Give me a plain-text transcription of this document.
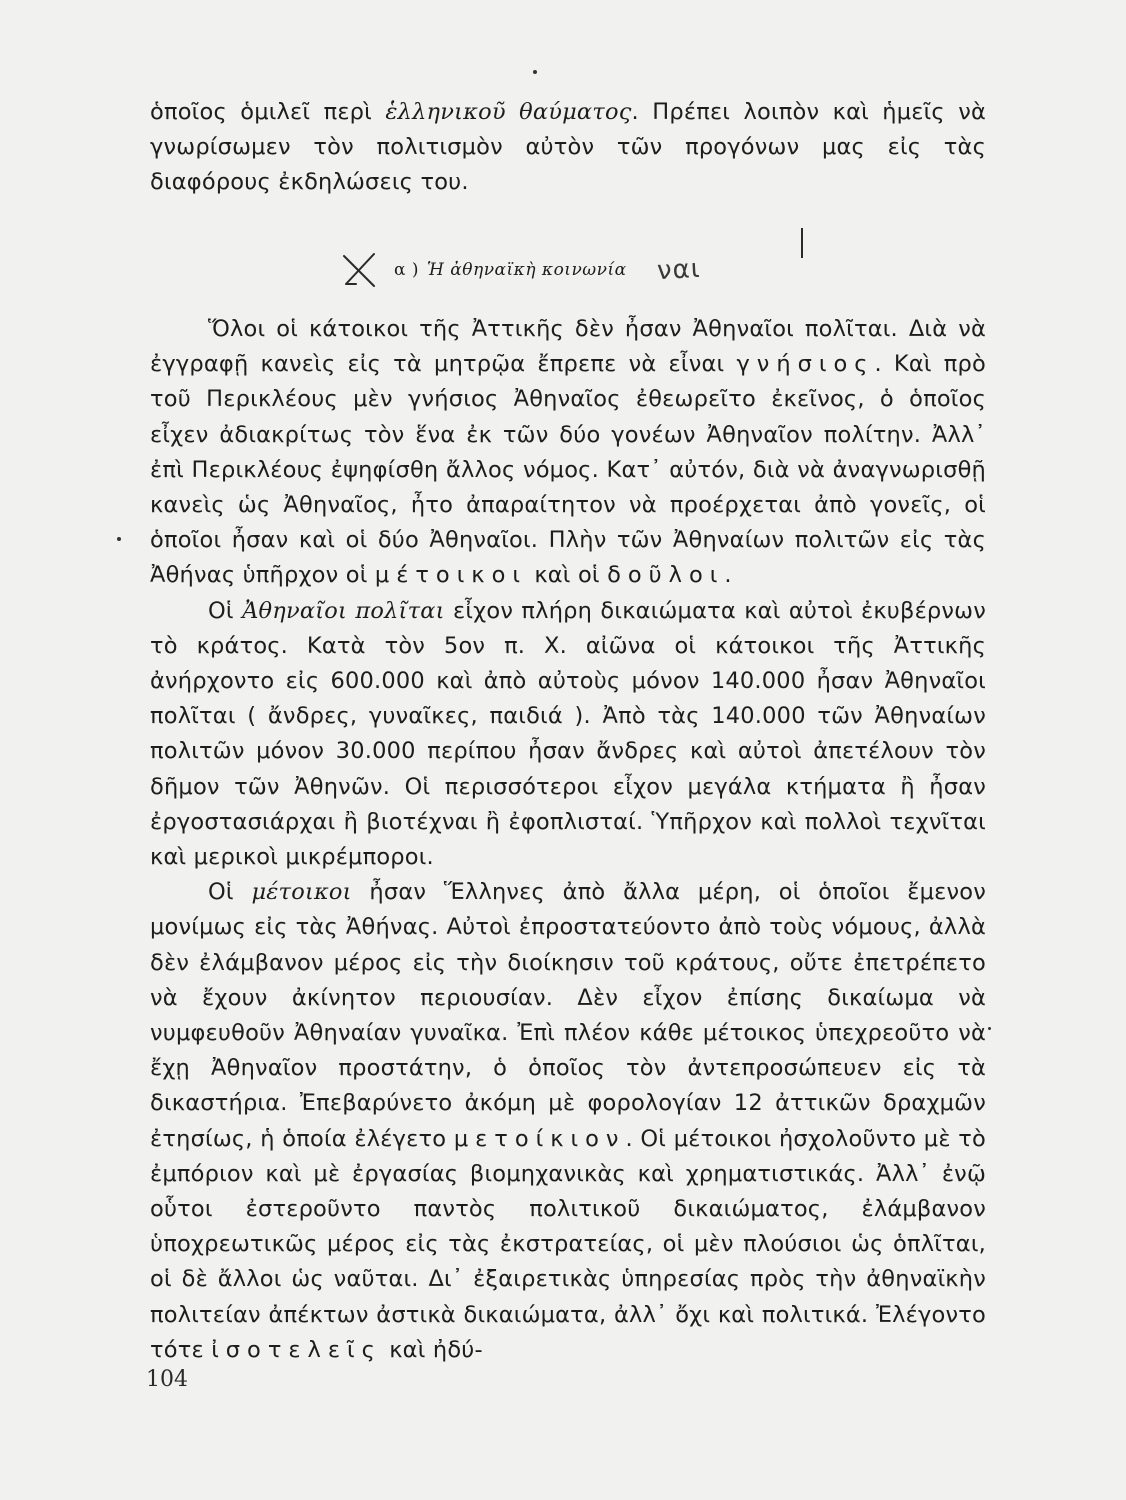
ὁποῖος ὁμιλεῖ περὶ ἑλληνικοῦ θαύματος. Πρέπει λοιπὸν καὶ ἡμεῖς νὰ γνωρίσωμεν τὸν πολιτισμὸν αὐτὸν τῶν προγόνων μας εἰς τὰς διαφόρους ἐκδηλώσεις του.

α ) Ἡ ἀθηναϊκὴ κοινωνία ναι

Ὅλοι οἱ κάτοικοι τῆς Ἀττικῆς δὲν ἦσαν Ἀθηναῖοι πολῖται. Διὰ νὰ ἐγγραφῇ κανεὶς εἰς τὰ μητρῷα ἔπρεπε νὰ εἶναι γνήσιος. Καὶ πρὸ τοῦ Περικλέους μὲν γνήσιος Ἀθηναῖος ἐθεωρεῖτο ἐκεῖνος, ὁ ὁποῖος εἶχεν ἀδιακρίτως τὸν ἕνα ἐκ τῶν δύο γονέων Ἀθηναῖον πολίτην. Ἀλλ᾽ ἐπὶ Περικλέους ἐψηφίσθη ἄλλος νόμος. Κατ᾽ αὐτόν, διὰ νὰ ἀναγνωρισθῇ κανεὶς ὡς Ἀθηναῖος, ἦτο ἀπαραίτητον νὰ προέρχεται ἀπὸ γονεῖς, οἱ ὁποῖοι ἦσαν καὶ οἱ δύο Ἀθηναῖοι. Πλὴν τῶν Ἀθηναίων πολιτῶν εἰς τὰς Ἀθήνας ὑπῆρχον οἱ μέτοικοι καὶ οἱ δοῦλοι.

Οἱ Ἀθηναῖοι πολῖται εἶχον πλήρη δικαιώματα καὶ αὐτοὶ ἐκυβέρνων τὸ κράτος. Κατὰ τὸν 5ον π. Χ. αἰῶνα οἱ κάτοικοι τῆς Ἀττικῆς ἀνήρχοντο εἰς 600.000 καὶ ἀπὸ αὐτοὺς μόνον 140.000 ἦσαν Ἀθηναῖοι πολῖται ( ἄνδρες, γυναῖκες, παιδιά ). Ἀπὸ τὰς 140.000 τῶν Ἀθηναίων πολιτῶν μόνον 30.000 περίπου ἦσαν ἄνδρες καὶ αὐτοὶ ἀπετέλουν τὸν δῆμον τῶν Ἀθηνῶν. Οἱ περισσότεροι εἶχον μεγάλα κτήματα ἢ ἦσαν ἐργοστασιάρχαι ἢ βιοτέχναι ἢ ἐφοπλισταί. Ὑπῆρχον καὶ πολλοὶ τεχνῖται καὶ μερικοὶ μικρέμποροι.

Οἱ μέτοικοι ἦσαν Ἕλληνες ἀπὸ ἄλλα μέρη, οἱ ὁποῖοι ἔμενον μονίμως εἰς τὰς Ἀθήνας. Αὐτοὶ ἐπροστατεύοντο ἀπὸ τοὺς νόμους, ἀλλὰ δὲν ἐλάμβανον μέρος εἰς τὴν διοίκησιν τοῦ κράτους, οὔτε ἐπετρέπετο νὰ ἔχουν ἀκίνητον περιουσίαν. Δὲν εἶχον ἐπίσης δικαίωμα νὰ νυμφευθοῦν Ἀθηναίαν γυναῖκα. Ἐπὶ πλέον κάθε μέτοικος ὑπεχρεοῦτο νὰ ἔχῃ Ἀθηναῖον προστάτην, ὁ ὁποῖος τὸν ἀντεπροσώπευεν εἰς τὰ δικαστήρια. Ἐπεβαρύνετο ἀκόμη μὲ φορολογίαν 12 ἀττικῶν δραχμῶν ἐτησίως, ἡ ὁποία ἐλέγετο μετοίκιον. Οἱ μέτοικοι ἠσχολοῦντο μὲ τὸ ἐμπόριον καὶ μὲ ἐργασίας βιομηχανικὰς καὶ χρηματιστικάς. Ἀλλ᾽ ἐνῷ οὗτοι ἐστεροῦντο παντὸς πολιτικοῦ δικαιώματος, ἐλάμβανον ὑποχρεωτικῶς μέρος εἰς τὰς ἐκστρατείας, οἱ μὲν πλούσιοι ὡς ὁπλῖται, οἱ δὲ ἄλλοι ὡς ναῦται. Δι᾽ ἐξαιρετικὰς ὑπηρεσίας πρὸς τὴν ἀθηναϊκὴν πολιτείαν ἀπέκτων ἀστικὰ δικαιώματα, ἀλλ᾽ ὄχι καὶ πολιτικά. Ἐλέγοντο τότε ἰσοτελεῖς καὶ ἠδύ-

104
